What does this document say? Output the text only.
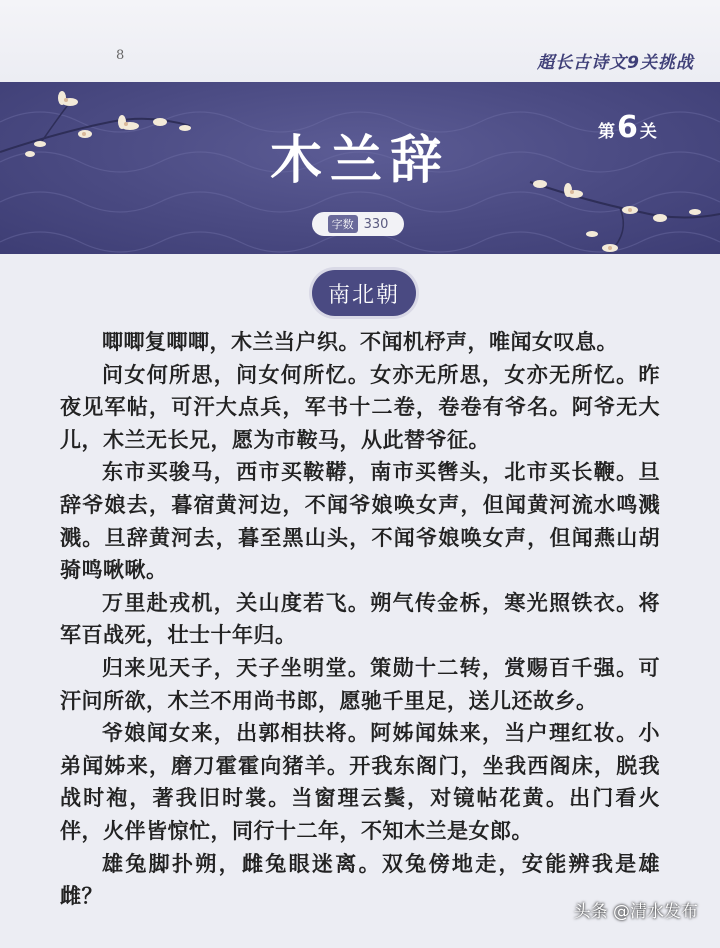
8	超长古诗文9关挑战
木兰辞	第6 关
字数 330
南北朝

唧唧复唧唧，木兰当户织。不闻机杼声，唯闻女叹息。

问女何所思，问女何所忆。女亦无所思，女亦无所忆。昨夜见军帖，可汗大点兵，军书十二卷，卷卷有爷名。阿爷无大儿，木兰无长兄，愿为市鞍马，从此替爷征。

东市买骏马，西市买鞍鞯，南市买辔头，北市买长鞭。旦辞爷娘去，暮宿黄河边，不闻爷娘唤女声，但闻黄河流水鸣溅溅。旦辞黄河去，暮至黑山头，不闻爷娘唤女声，但闻燕山胡骑鸣啾啾。

万里赴戎机，关山度若飞。朔气传金柝，寒光照铁衣。将军百战死，壮士十年归。

归来见天子，天子坐明堂。策勋十二转，赏赐百千强。可汗问所欲，木兰不用尚书郎，愿驰千里足，送儿还故乡。

爷娘闻女来，出郭相扶将。阿姊闻妹来，当户理红妆。小弟闻姊来，磨刀霍霍向猪羊。开我东阁门，坐我西阁床，脱我战时袍，著我旧时裳。当窗理云鬓，对镜帖花黄。出门看火伴，火伴皆惊忙，同行十二年，不知木兰是女郎。

雄兔脚扑朔，雌兔眼迷离。双兔傍地走，安能辨我是雄雌？

头条 @清水发布
